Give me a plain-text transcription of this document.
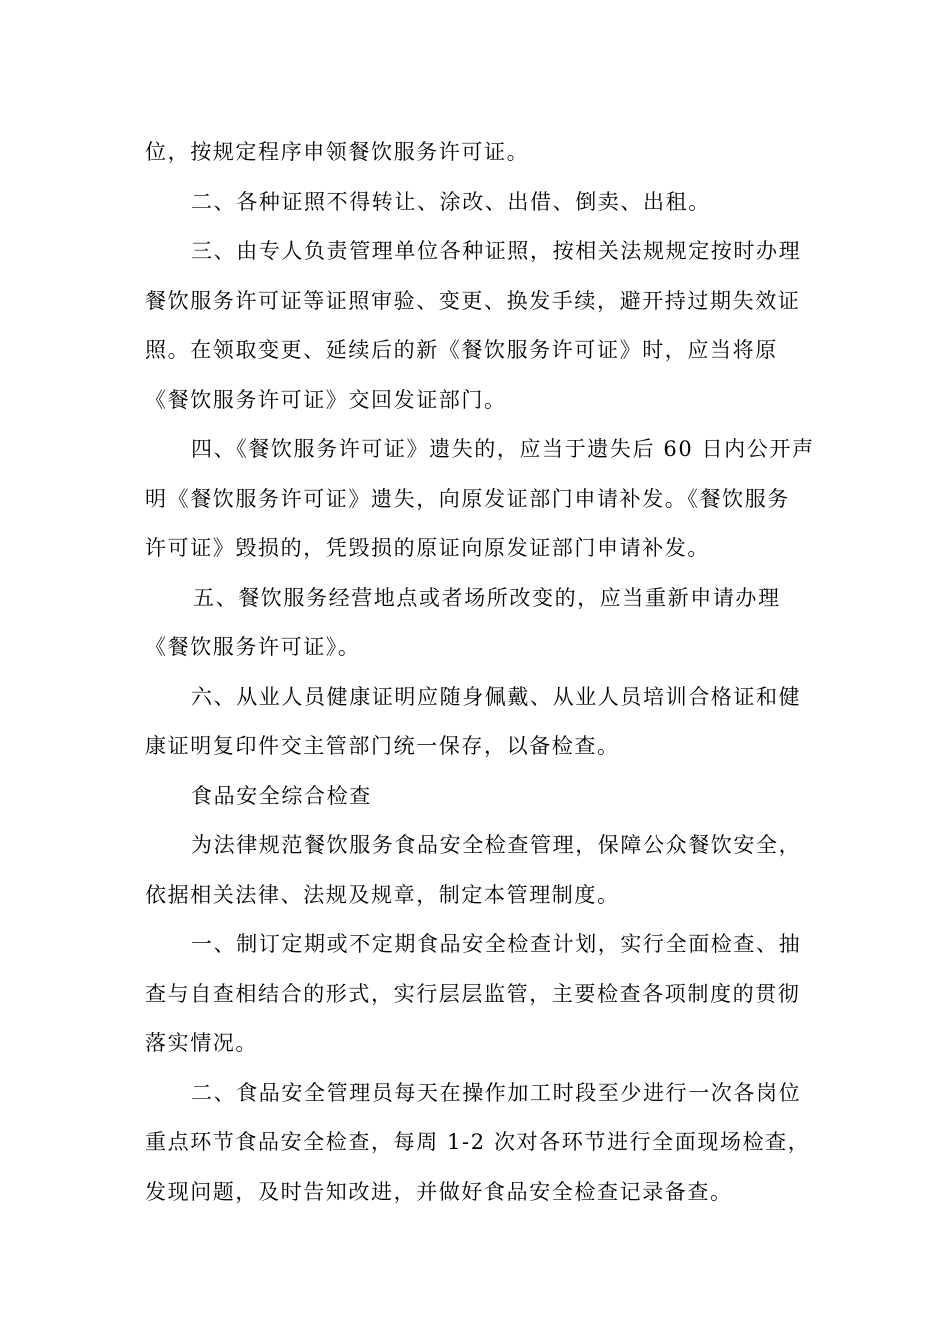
位，按规定程序申领餐饮服务许可证。
二、各种证照不得转让、涂改、出借、倒卖、出租。
三、由专人负责管理单位各种证照，按相关法规规定按时办理
餐饮服务许可证等证照审验、变更、换发手续，避开持过期失效证
照。在领取变更、延续后的新《餐饮服务许可证》时，应当将原
《餐饮服务许可证》交回发证部门。
四、《餐饮服务许可证》遗失的，应当于遗失后 60 日内公开声
明《餐饮服务许可证》遗失，向原发证部门申请补发。《餐饮服务
许可证》毁损的，凭毁损的原证向原发证部门申请补发。
五、餐饮服务经营地点或者场所改变的，应当重新申请办理
《餐饮服务许可证》。
六、从业人员健康证明应随身佩戴、从业人员培训合格证和健
康证明复印件交主管部门统一保存，以备检查。
食品安全综合检查
为法律规范餐饮服务食品安全检查管理，保障公众餐饮安全，
依据相关法律、法规及规章，制定本管理制度。
一、制订定期或不定期食品安全检查计划，实行全面检查、抽
查与自查相结合的形式，实行层层监管，主要检查各项制度的贯彻
落实情况。
二、食品安全管理员每天在操作加工时段至少进行一次各岗位
重点环节食品安全检查，每周 1-2 次对各环节进行全面现场检查，
发现问题，及时告知改进，并做好食品安全检查记录备查。
